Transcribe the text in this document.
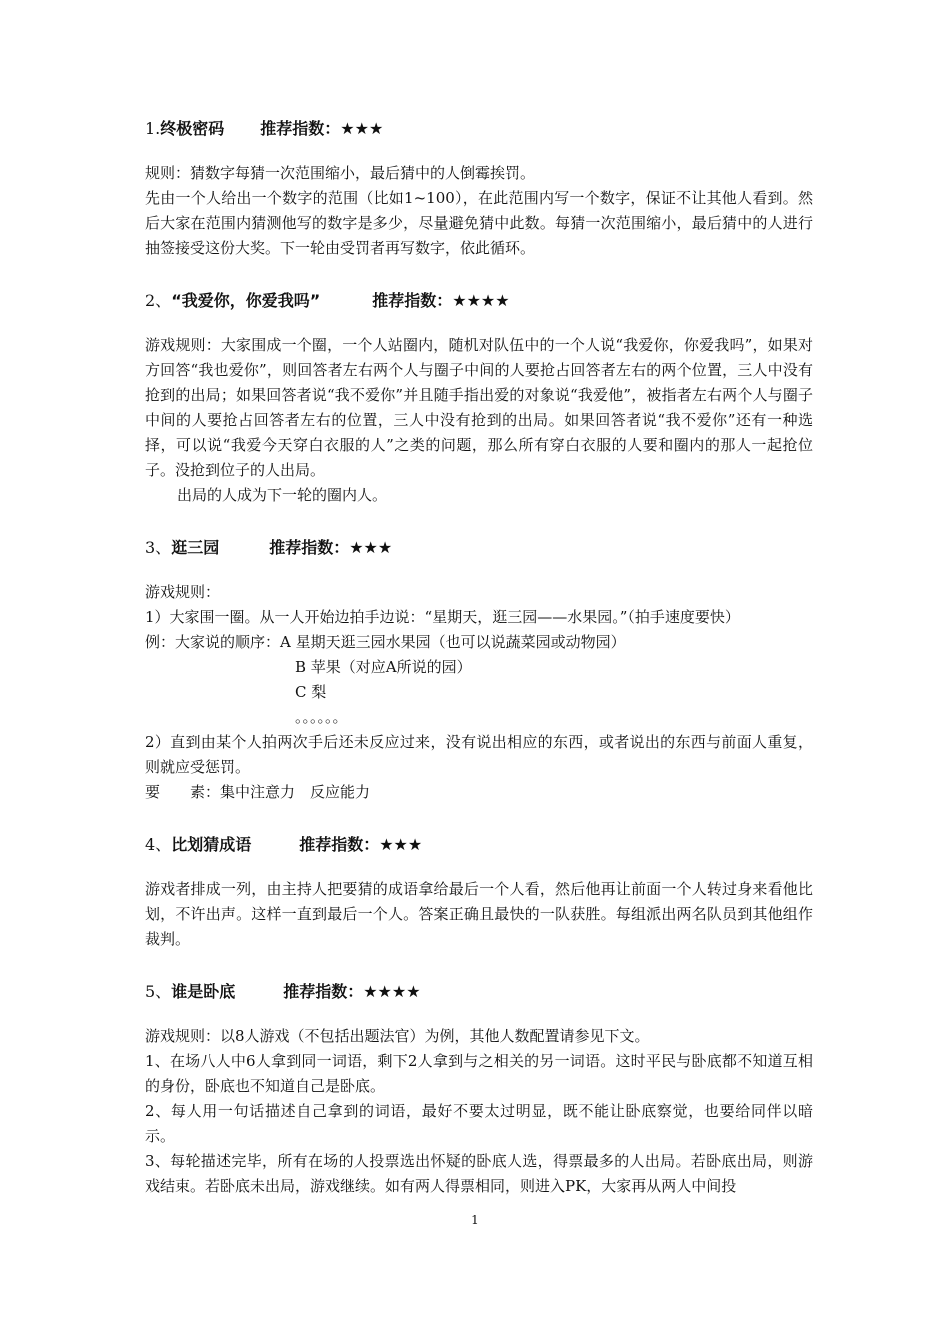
1.终极密码 推荐指数：★★★

规则：猜数字每猜一次范围缩小，最后猜中的人倒霉挨罚。

先由一个人给出一个数字的范围（比如1~100），在此范围内写一个数字，保证不让其他人看到。然后大家在范围内猜测他写的数字是多少，尽量避免猜中此数。每猜一次范围缩小，最后猜中的人进行抽签接受这份大奖。下一轮由受罚者再写数字，依此循环。

2、“我爱你，你爱我吗”	推荐指数：★★★★

游戏规则：大家围成一个圈，一个人站圈内，随机对队伍中的一个人说“我爱你，你爱我吗”，如果对方回答“我也爱你”，则回答者左右两个人与圈子中间的人要抢占回答者左右的两个位置，三人中没有抢到的出局；如果回答者说“我不爱你”并且随手指出爱的对象说“我爱他”，被指者左右两个人与圈子中间的人要抢占回答者左右的位置，三人中没有抢到的出局。如果回答者说“我不爱你”还有一种选择，可以说“我爱今天穿白衣服的人”之类的问题，那么所有穿白衣服的人要和圈内的那人一起抢位子。没抢到位子的人出局。

出局的人成为下一轮的圈内人。

3、逛三园	推荐指数：★★★

游戏规则：

1）大家围一圈。从一人开始边拍手边说：“星期天，逛三园——水果园。”（拍手速度要快）

例：大家说的顺序：A 星期天逛三园水果园（也可以说蔬菜园或动物园）

B 苹果（对应A所说的园）

C 梨

。。。。。。

2）直到由某个人拍两次手后还未反应过来，没有说出相应的东西，或者说出的东西与前面人重复，则就应受惩罚。

要　　素：集中注意力　反应能力

4、比划猜成语	推荐指数：★★★

游戏者排成一列，由主持人把要猜的成语拿给最后一个人看，然后他再让前面一个人转过身来看他比划，不许出声。这样一直到最后一个人。答案正确且最快的一队获胜。每组派出两名队员到其他组作裁判。

5、谁是卧底	推荐指数：★★★★

游戏规则：以8人游戏（不包括出题法官）为例，其他人数配置请参见下文。

1、在场八人中6人拿到同一词语，剩下2人拿到与之相关的另一词语。这时平民与卧底都不知道互相的身份，卧底也不知道自己是卧底。

2、每人用一句话描述自己拿到的词语，最好不要太过明显，既不能让卧底察觉，也要给同伴以暗示。

3、每轮描述完毕，所有在场的人投票选出怀疑的卧底人选，得票最多的人出局。若卧底出局，则游戏结束。若卧底未出局，游戏继续。如有两人得票相同，则进入PK，大家再从两人中间投

1
